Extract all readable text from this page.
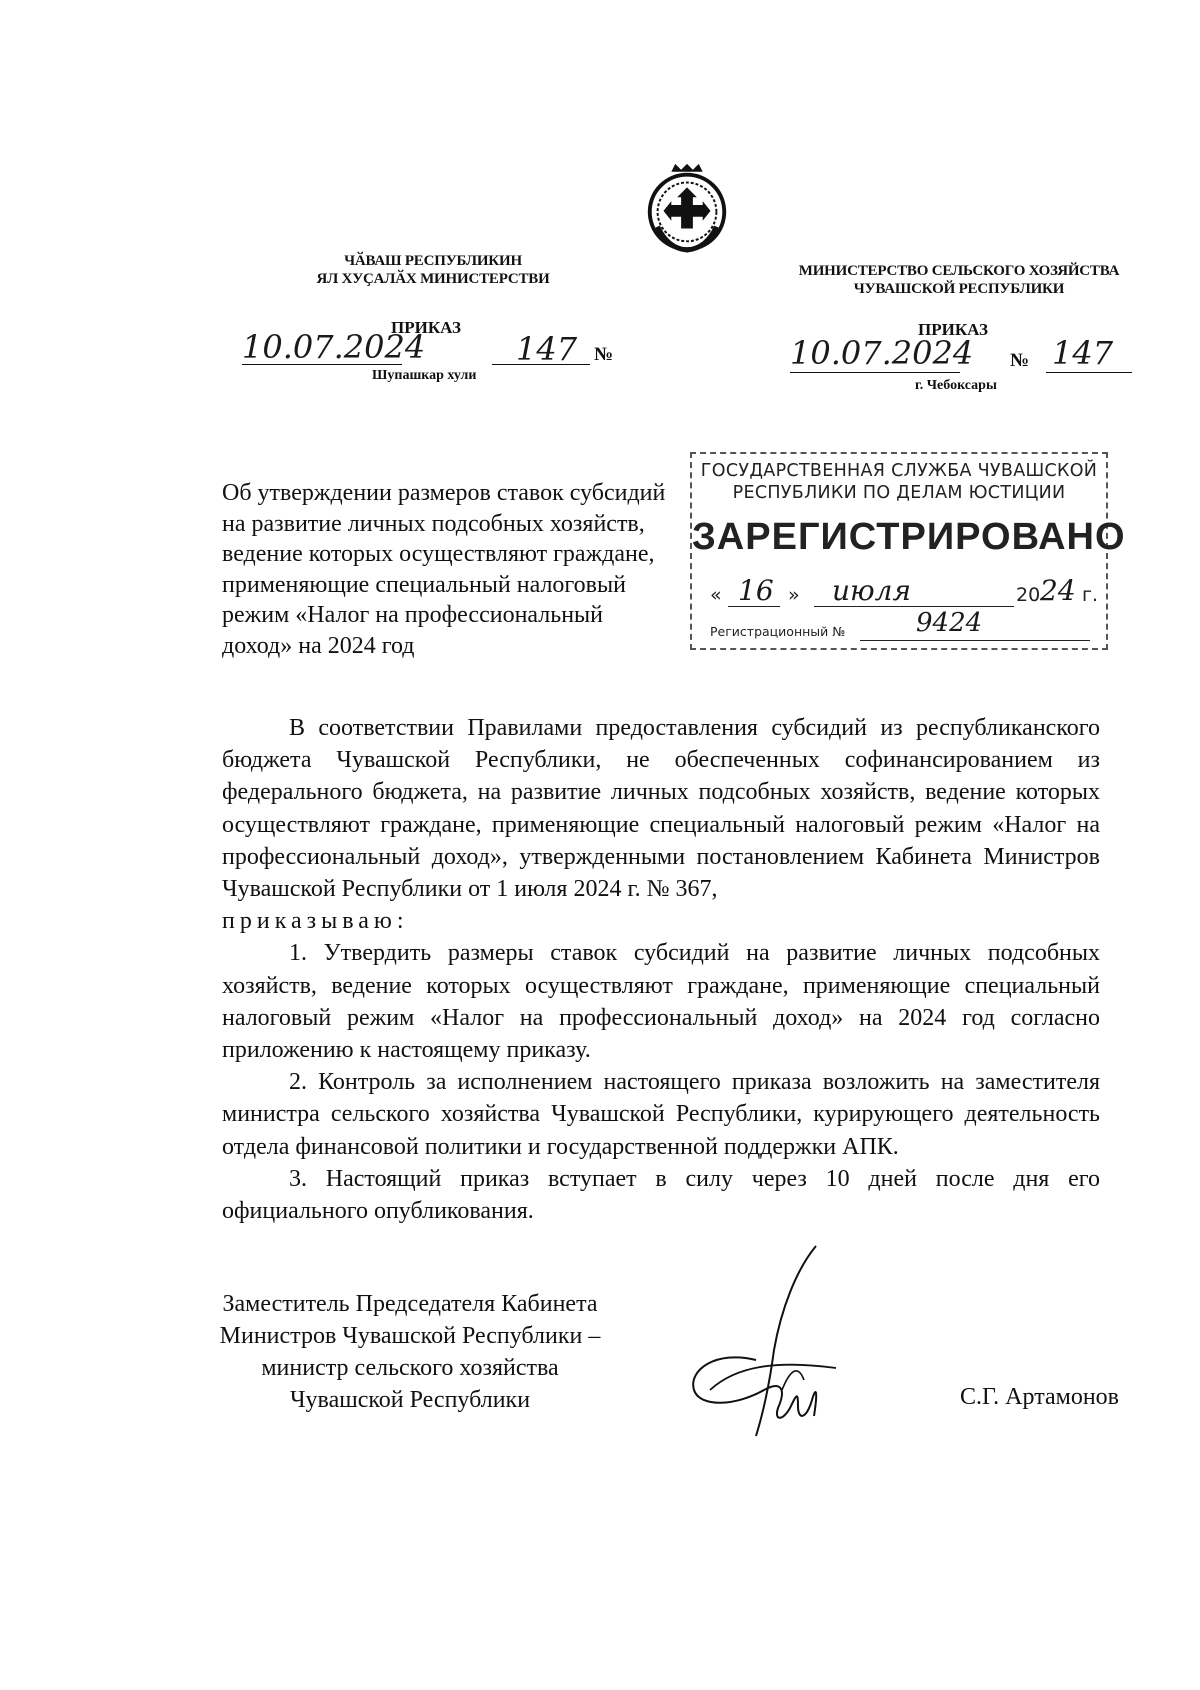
ЧӐВАШ РЕСПУБЛИКИН
ЯЛ ХУҪАЛӐХ МИНИСТЕРСТВИ
ПРИКАЗ
10.07.2024	147 №
Шупашкар хули
МИНИСТЕРСТВО СЕЛЬСКОГО ХОЗЯЙСТВА
ЧУВАШСКОЙ РЕСПУБЛИКИ
ПРИКАЗ
10.07.2024 № 147
г. Чебоксары
Об утверждении размеров ставок субсидий
на развитие личных подсобных хозяйств,
ведение которых осуществляют граждане,
применяющие специальный налоговый
режим «Налог на профессиональный
доход» на 2024 год
ГОСУДАРСТВЕННАЯ СЛУЖБА ЧУВАШСКОЙ
РЕСПУБЛИКИ ПО ДЕЛАМ ЮСТИЦИИ
ЗАРЕГИСТРИРОВАНО
« 16 » июля	20 24 г.
Регистрационный №	9424

В соответствии Правилами предоставления субсидий из республиканского бюджета Чувашской Республики, не обеспеченных софинансированием из федерального бюджета, на развитие личных подсобных хозяйств, ведение которых осуществляют граждане, применяющие специальный налоговый режим «Налог на профессиональный доход», утвержденными постановлением Кабинета Министров Чувашской Республики от 1 июля 2024 г. № 367,

приказываю:

1. Утвердить размеры ставок субсидий на развитие личных подсобных хозяйств, ведение которых осуществляют граждане, применяющие специальный налоговый режим «Налог на профессиональный доход» на 2024 год согласно приложению к настоящему приказу.

2. Контроль за исполнением настоящего приказа возложить на заместителя министра сельского хозяйства Чувашской Республики, курирующего деятельность отдела финансовой политики и государственной поддержки АПК.

3. Настоящий приказ вступает в силу через 10 дней после дня его официального опубликования.

Заместитель Председателя Кабинета
Министров Чувашской Республики –
министр сельского хозяйства
Чувашской Республики	С.Г. Артамонов
